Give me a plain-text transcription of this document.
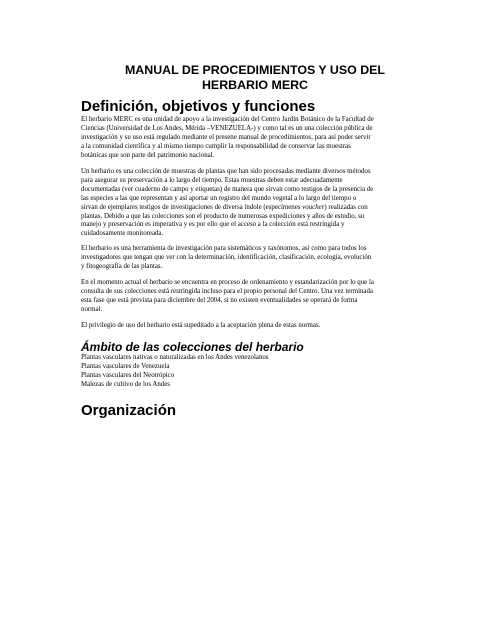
MANUAL DE PROCEDIMIENTOS Y USO DEL
HERBARIO MERC
Definición, objetivos y funciones

El herbario MERC es una unidad de apoyo a la investigación del Centro Jardín Botánico de la Facultad de
Ciencias (Universidad de Los Andes, Mérida –VENEZUELA-) y como tal es un una colección pública de
investigación y su uso está regulado mediante el presene manual de procedimientos, para así poder servir
a la comunidad científica y al mismo tiempo cumplir la responsabilidad de conservar las muestras
botánicas que son parte del patrimonio nacional.

Un herbario es una colección de muestras de plantas que han sido procesadas mediante diversos métodos
para asegurar su preservación a lo largo del tiempo. Estas muestras deben estar adecuadamente
documentadas (ver cuaderno de campo y etiquetas) de manera que sirvan como testigos de la presencia de
las especies a las que representan y así aportar un registro del mundo vegetal a lo largo del tiempo o
sirvan de ejemplares testigos de investigaciones de diversa índole (especímenes voucher) realizadas con
plantas. Debido a que las colecciones son el producto de numerosas expediciones y años de estudio, su
manejo y preservación es imperativa y es por ello que el acceso a la colección está restringida y
cuidadosamente monitoreada.

El herbario es una herramienta de investigación para sistemáticos y taxónomos, así como para todos los
investigadores que tengan que ver con la determinación, identificación, clasificación, ecología, evolución
y fitogeografía de las plantas.

En el momento actual el herbario se encuentra en proceso de ordenamiento y estandarización por lo que la
consulta de sus colecciones está restringida incluso para el propio personal del Centro. Una vez terminada
esta fase que está prevista para diciembre del 2004, si no existen eventualidades se operará de forma
normal.

El privilegio de uso del herbario está supeditado a la aceptación plena de estas normas.

Ámbito de las colecciones del herbario
Plantas vasculares nativas o naturalizadas en los Andes venezolanos
Plantas vasculares de Venezuela
Plantas vasculares del Neotrópico
Malezas de cultivo de los Andes
Organización
